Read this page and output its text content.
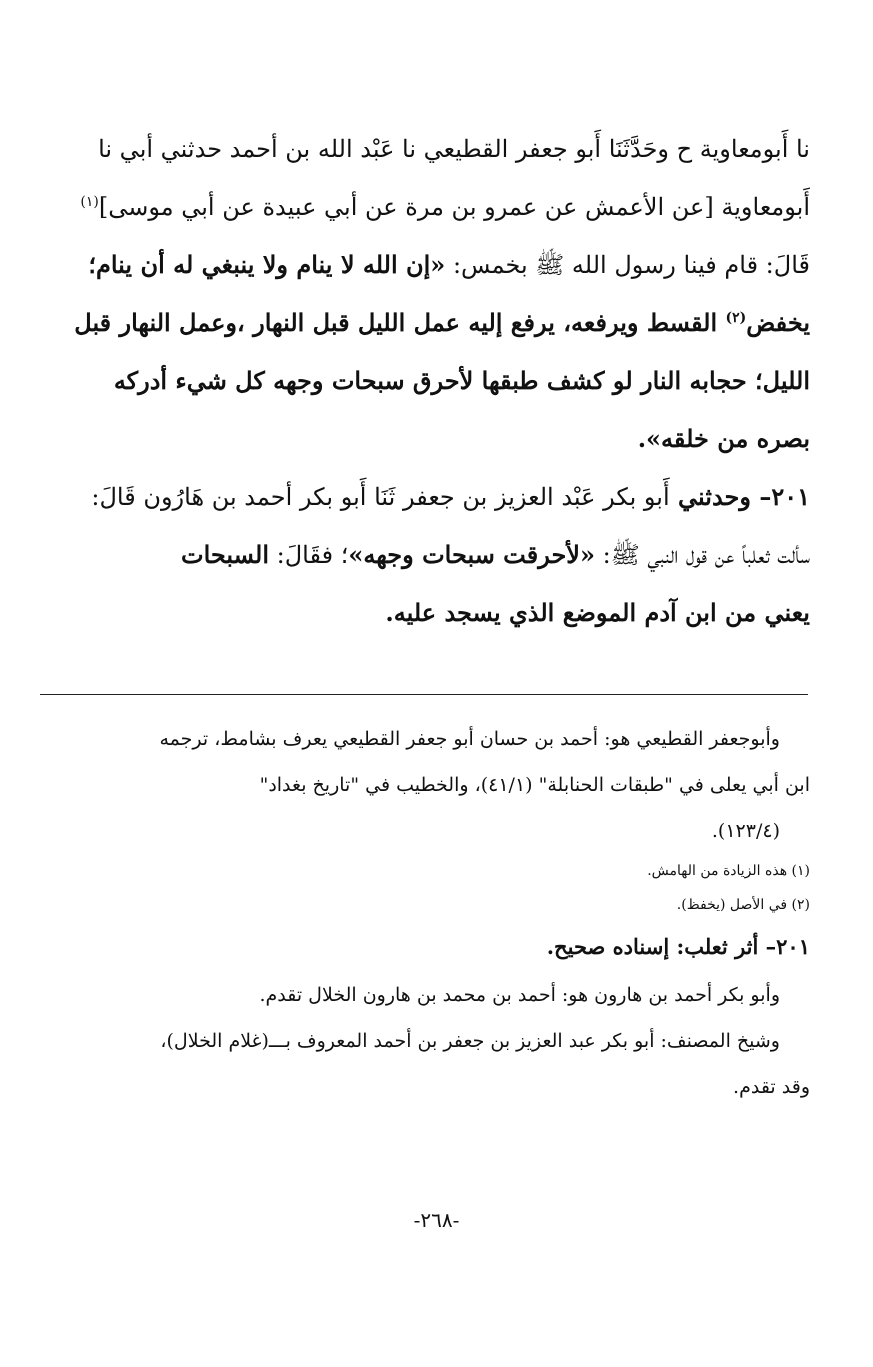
نا أَبومعاوية ح وحَدَّثَنَا أَبو جعفر القطيعي نا عَبْد الله بن أحمد حدثني أبي نا
أَبومعاوية [عن الأعمش عن عمرو بن مرة عن أبي عبيدة عن أبي موسى]$^{(١)}$
قَالَ: قام فينا رسول الله ﷺ بخمس: «إن الله لا ينام ولا ينبغي له أن ينام؛
يخفض$^{(٢)}$ القسط ويرفعه، يرفع إليه عمل الليل قبل النهار ،وعمل النهار قبل
الليل؛ حجابه النار لو كشف طبقها لأحرق سبحات وجهه كل شيء أدركه
بصره من خلقه».
٢٠١– وحدثني أَبو بكر عَبْد العزيز بن جعفر ثَنَا أَبو بكر أحمد بن هَارُون قَالَ:
سألت ثعلباً عن قول النبي ﷺ: «لأحرقت سبحات وجهه»؛ فقَالَ: السبحات
يعني من ابن آدم الموضع الذي يسجد عليه.
وأبوجعفر القطيعي هو: أحمد بن حسان أبو جعفر القطيعي يعرف بشامط، ترجمه
ابن أبي يعلى في "طبقات الحنابلة" (٤١/١)، والخطيب في "تاريخ بغداد"
(١٢٣/٤).
(١) هذه الزيادة من الهامش.
(٢) في الأصل (يخفظ).
٢٠١– أثر ثعلب: إسناده صحيح.
وأبو بكر أحمد بن هارون هو: أحمد بن محمد بن هارون الخلال تقدم.
وشيخ المصنف: أبو بكر عبد العزيز بن جعفر بن أحمد المعروف بـــ(غلام الخلال)،
وقد تقدم.
-٢٦٨-
